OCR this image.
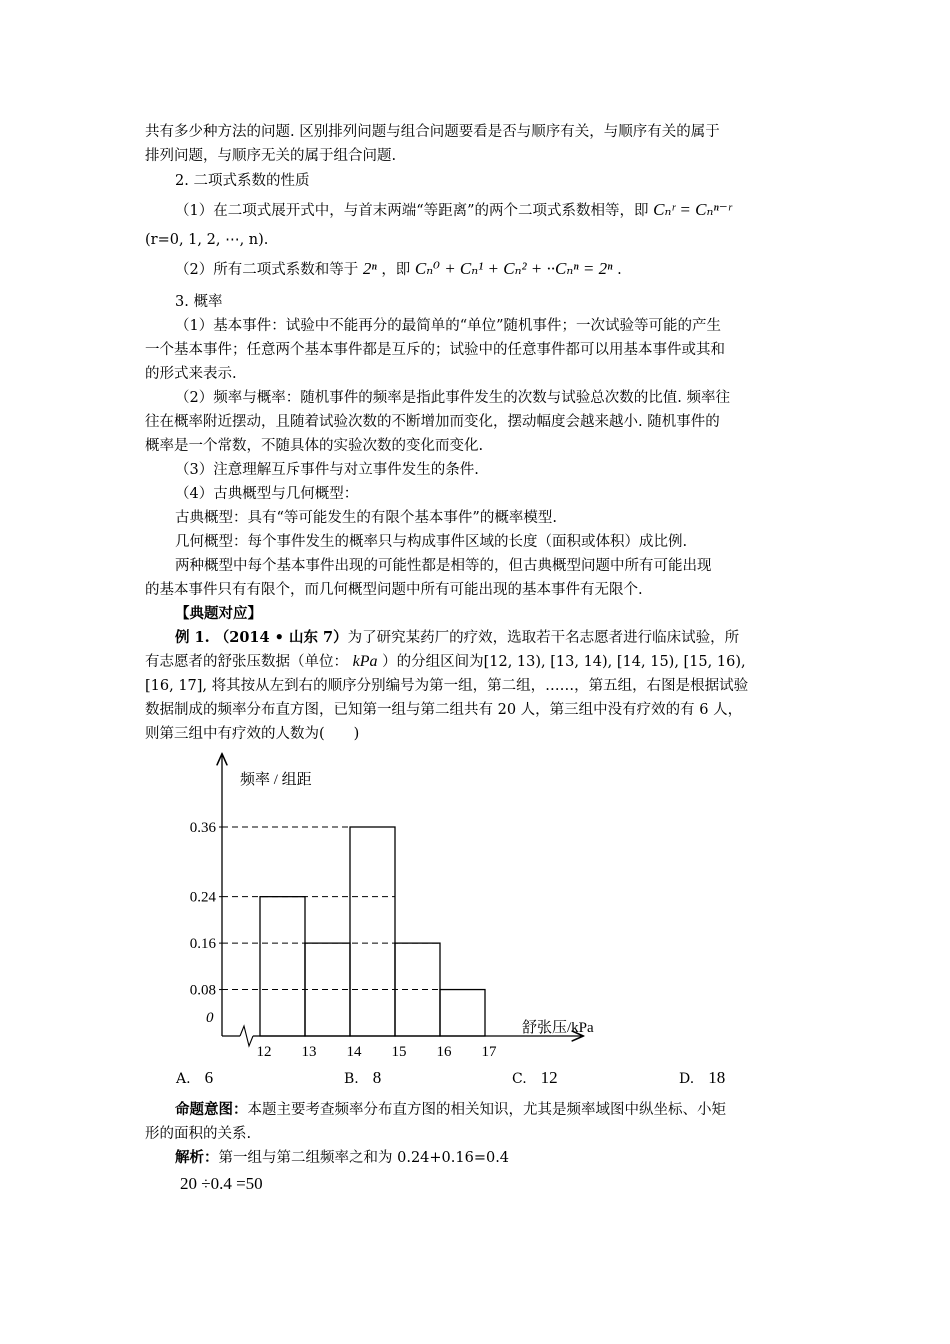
共有多少种方法的问题. 区别排列问题与组合问题要看是否与顺序有关，与顺序有关的属于
排列问题，与顺序无关的属于组合问题.
2. 二项式系数的性质
（1）在二项式展开式中，与首末两端“等距离”的两个二项式系数相等，即 Cₙʳ = Cₙⁿ⁻ʳ
(r=0, 1, 2, ⋯, n).
（2）所有二项式系数和等于 2ⁿ ，即 Cₙ⁰ + Cₙ¹ + Cₙ² + ··Cₙⁿ = 2ⁿ .
3. 概率
（1）基本事件：试验中不能再分的最简单的“单位”随机事件；一次试验等可能的产生
一个基本事件；任意两个基本事件都是互斥的；试验中的任意事件都可以用基本事件或其和
的形式来表示.
（2）频率与概率：随机事件的频率是指此事件发生的次数与试验总次数的比值. 频率往
往在概率附近摆动，且随着试验次数的不断增加而变化，摆动幅度会越来越小. 随机事件的
概率是一个常数，不随具体的实验次数的变化而变化.
（3）注意理解互斥事件与对立事件发生的条件.
（4）古典概型与几何概型：
古典概型：具有“等可能发生的有限个基本事件”的概率模型.
几何概型：每个事件发生的概率只与构成事件区域的长度（面积或体积）成比例.
两种概型中每个基本事件出现的可能性都是相等的，但古典概型问题中所有可能出现
的基本事件只有有限个，而几何概型问题中所有可能出现的基本事件有无限个.
【典题对应】
例 1. （2014 • 山东 7）为了研究某药厂的疗效，选取若干名志愿者进行临床试验，所
有志愿者的舒张压数据（单位： kPa ）的分组区间为[12, 13), [13, 14), [14, 15), [15, 16),
[16, 17], 将其按从左到右的顺序分别编号为第一组，第二组，……，第五组，右图是根据试验
数据制成的频率分布直方图，已知第一组与第二组共有 20 人，第三组中没有疗效的有 6 人，
则第三组中有疗效的人数为(　　)
频率 / 组距
0
舒张压/kPa
0.08
0.16
0.24
0.36
12 13 14 15 16 17
A. 6	B. 8	C. 12	D. 18
命题意图：本题主要考查频率分布直方图的相关知识，尤其是频率域图中纵坐标、小矩
形的面积的关系.
解析：第一组与第二组频率之和为 0.24+0.16=0.4
20 ÷0.4 =50
